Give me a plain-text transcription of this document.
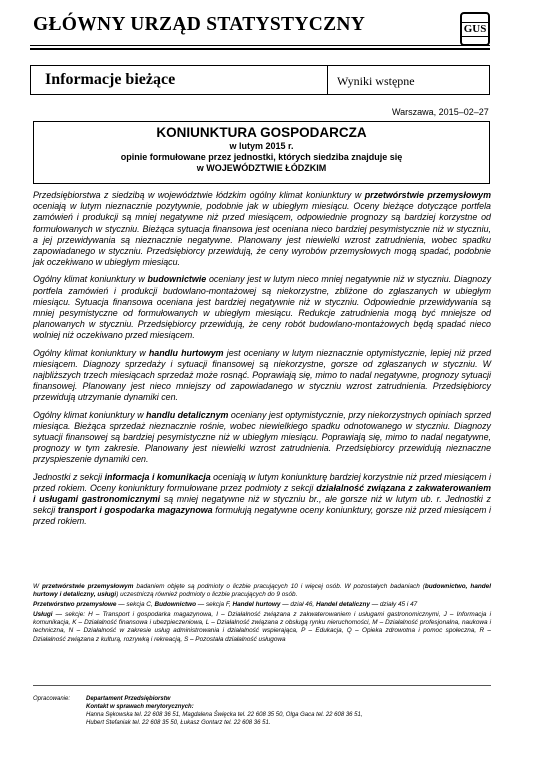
GŁÓWNY URZĄD STATYSTYCZNY	GUS
Informacje bieżące	Wyniki wstępne
Warszawa, 2015–02–27
KONIUNKTURA GOSPODARCZA
w lutym 2015 r.
opinie formułowane przez jednostki, których siedziba znajduje się
w WOJEWÓDZTWIE ŁÓDZKIM

Przedsiębiorstwa z siedzibą w województwie łódzkim ogólny klimat koniunktury w przetwórstwie przemysłowym oceniają w lutym nieznacznie pozytywnie, podobnie jak w ubiegłym miesiącu. Oceny bieżące dotyczące portfela zamówień i produkcji są mniej negatywne niż przed miesiącem, odpowiednie prognozy są bardziej korzystne od formułowanych w styczniu. Bieżąca sytuacja finansowa jest oceniana nieco bardziej pesymistycznie niż w styczniu, a jej przewidywania są nieznacznie negatywne. Planowany jest niewielki wzrost zatrudnienia, wobec spadku zapowiadanego w styczniu. Przedsiębiorcy przewidują, że ceny wyrobów przemysłowych mogą spadać, podobnie jak oczekiwano w ubiegłym miesiącu.

Ogólny klimat koniunktury w budownictwie oceniany jest w lutym nieco mniej negatywnie niż w styczniu. Diagnozy portfela zamówień i produkcji budowlano-montażowej są niekorzystne, zbliżone do zgłaszanych w ubiegłym miesiącu. Sytuacja finansowa oceniana jest bardziej negatywnie niż w styczniu. Odpowiednie przewidywania są mniej pesymistyczne od formułowanych w ubiegłym miesiącu. Redukcje zatrudnienia mogą być mniejsze od planowanych w styczniu. Przedsiębiorcy przewidują, że ceny robót budowlano-montażowych będą spadać nieco wolniej niż oczekiwano przed miesiącem.

Ogólny klimat koniunktury w handlu hurtowym jest oceniany w lutym nieznacznie optymistycznie, lepiej niż przed miesiącem. Diagnozy sprzedaży i sytuacji finansowej są niekorzystne, gorsze od zgłaszanych w styczniu. W najbliższych trzech miesiącach sprzedaż może rosnąć. Poprawiają się, mimo to nadal negatywne, prognozy sytuacji finansowej. Planowany jest nieco mniejszy od zapowiadanego w styczniu wzrost zatrudnienia. Przedsiębiorcy przewidują utrzymanie dynamiki cen.

Ogólny klimat koniunktury w handlu detalicznym oceniany jest optymistycznie, przy niekorzystnych opiniach sprzed miesiąca. Bieżąca sprzedaż nieznacznie rośnie, wobec niewielkiego spadku odnotowanego w styczniu. Diagnozy sytuacji finansowej są bardziej pesymistyczne niż w ubiegłym miesiącu. Poprawiają się, mimo to nadal negatywne, prognozy w tym zakresie. Planowany jest niewielki wzrost zatrudnienia. Przedsiębiorcy przewidują nieznaczne przyspieszenie dynamiki cen.

Jednostki z sekcji informacja i komunikacja oceniają w lutym koniunkturę bardziej korzystnie niż przed miesiącem i przed rokiem. Oceny koniunktury formułowane przez podmioty z sekcji działalność związana z zakwaterowaniem i usługami gastronomicznymi są mniej negatywne niż w styczniu br., ale gorsze niż w lutym ub. r. Jednostki z sekcji transport i gospodarka magazynowa formułują negatywne oceny koniunktury, gorsze niż przed miesiącem i przed rokiem.

W przetwórstwie przemysłowym badaniem objęte są podmioty o liczbie pracujących 10 i więcej osób. W pozostałych badaniach (budownictwo, handel hurtowy i detaliczny, usługi) uczestniczą również podmioty o liczbie pracujących do 9 osób.

Przetwórstwo przemysłowe — sekcja C, Budownictwo — sekcja F, Handel hurtowy — dział 46, Handel detaliczny — działy 45 i 47

Usługi — sekcje: H – Transport i gospodarka magazynowa, I – Działalność związana z zakwaterowaniem i usługami gastronomicznymi, J – Informacja i komunikacja, K – Działalność finansowa i ubezpieczeniowa, L – Działalność związana z obsługą rynku nieruchomości, M – Działalność profesjonalna, naukowa i techniczna, N – Działalność w zakresie usług administrowania i działalność wspierająca, P – Edukacja, Q – Opieka zdrowotna i pomoc społeczna, R – Działalność związana z kulturą, rozrywką i rekreacją, S – Pozostała działalność usługowa

Opracowanie:	Departament Przedsiębiorstw
Kontakt w sprawach merytorycznych:
Hanna Sękowska tel. 22 608 36 51, Magdalena Święcka tel. 22 608 35 50, Olga Gaca tel. 22 608 36 51,
Hubert Stefaniak tel. 22 608 35 50, Łukasz Gontarz tel. 22 608 36 51.
